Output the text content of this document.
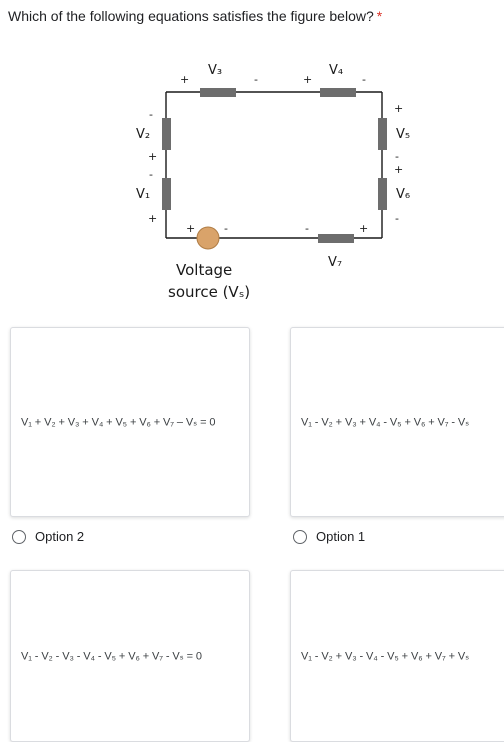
Which of the following equations satisfies the figure below? *
V₃
+	-
V₄
+	-
V₂
-
+
V₁
-
+
V₅
+
-
V₆
+
-
V₇
-	+
+	-
Voltage
source (Vₛ)
V₁ + V₂ + V₃ + V₄ + V₅ + V₆ + V₇ – Vₛ = 0	V₁ - V₂ + V₃ + V₄ - V₅ + V₆ + V₇ - Vₛ
Option 2	Option 1
V₁ - V₂ - V₃ - V₄ - V₅ + V₆ + V₇ - Vₛ = 0	V₁ - V₂ + V₃ - V₄ - V₅ + V₆ + V₇ + Vₛ
